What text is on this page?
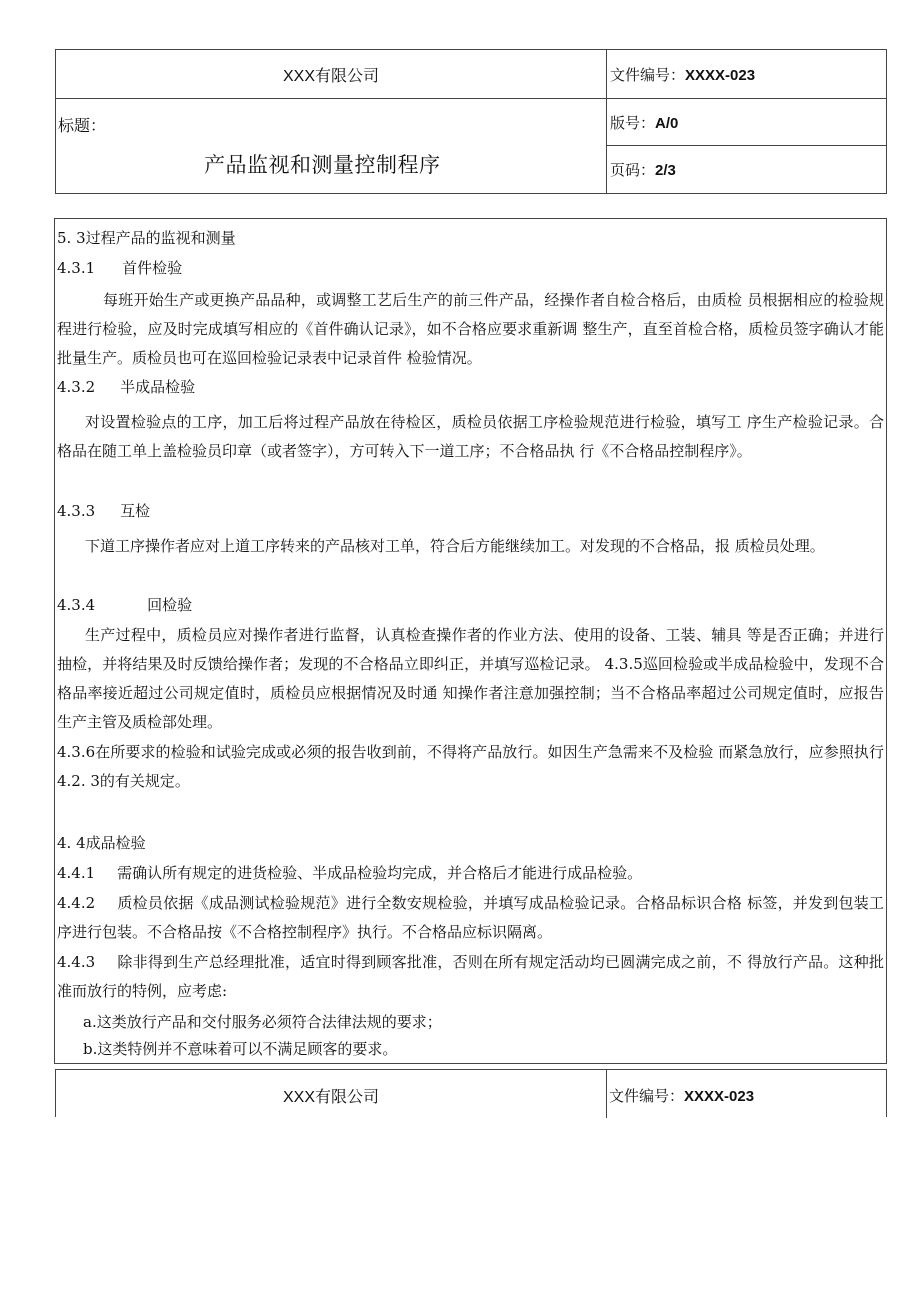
XXX有限公司	文件编号：XXXX-023

标题：
产品监视和测量控制程序	版号：A/0
	页码：2/3

5. 3过程产品的监视和测量

4.3.1 首件检验

每班开始生产或更换产品品种，或调整工艺后生产的前三件产品，经操作者自检合格后，由质检 员根据相应的检验规程进行检验，应及时完成填写相应的《首件确认记录》，如不合格应要求重新调 整生产，直至首检合格，质检员签字确认才能批量生产。质检员也可在巡回检验记录表中记录首件 检验情况。

4.3.2 半成品检验

对设置检验点的工序，加工后将过程产品放在待检区，质检员依据工序检验规范进行检验，填写工 序生产检验记录。合格品在随工单上盖检验员印章（或者签字），方可转入下一道工序；不合格品执 行《不合格品控制程序》。

4.3.3 互检

下道工序操作者应对上道工序转来的产品核对工单，符合后方能继续加工。对发现的不合格品，报 质检员处理。

4.3.4	回检验

生产过程中，质检员应对操作者进行监督，认真检查操作者的作业方法、使用的设备、工装、辅具 等是否正确；并进行抽检，并将结果及时反馈给操作者；发现的不合格品立即纠正，并填写巡检记录。 4.3.5巡回检验或半成品检验中，发现不合格品率接近超过公司规定值时，质检员应根据情况及时通 知操作者注意加强控制；当不合格品率超过公司规定值时，应报告生产主管及质检部处理。

4.3.6在所要求的检验和试验完成或必须的报告收到前，不得将产品放行。如因生产急需来不及检验 而紧急放行，应参照执行4.2. 3的有关规定。

4. 4成品检验

4.4.1 需确认所有规定的进货检验、半成品检验均完成，并合格后才能进行成品检验。

4.4.2 质检员依据《成品测试检验规范》进行全数安规检验，并填写成品检验记录。合格品标识合格 标签，并发到包装工序进行包装。不合格品按《不合格控制程序》执行。不合格品应标识隔离。

4.4.3 除非得到生产总经理批准，适宜时得到顾客批准，否则在所有规定活动均已圆满完成之前，不 得放行产品。这种批准而放行的特例，应考虑:

a.这类放行产品和交付服务必须符合法律法规的要求；

b.这类特例并不意味着可以不满足顾客的要求。

XXX有限公司	文件编号：XXXX-023
